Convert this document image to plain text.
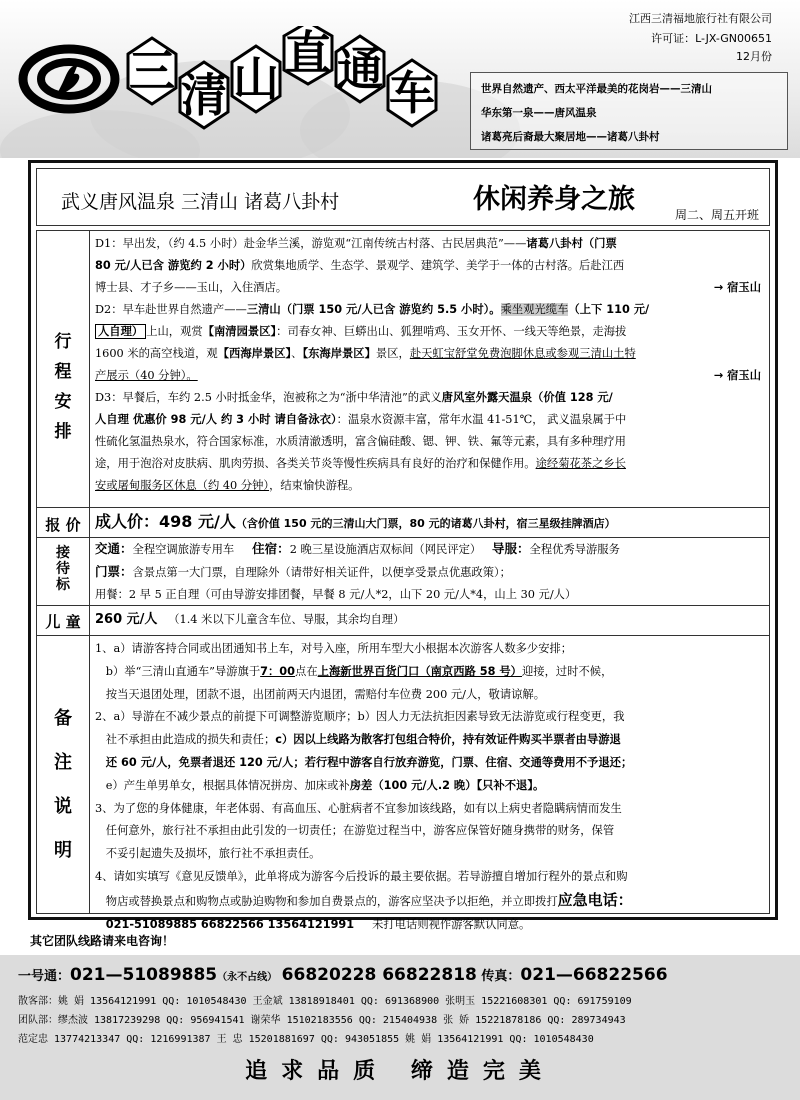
三 清 山 直 通 车
江西三清福地旅行社有限公司
许可证：L-JX-GN00651
12月份
世界自然遗产、西太平洋最美的花岗岩——三清山
华东第一泉——唐风温泉
诸葛亮后裔最大聚居地——诸葛八卦村
武义唐风温泉 三清山 诸葛八卦村	休闲养身之旅	周二、周五开班
行
程
安
排

D1：早出发，（约 4.5 小时）赴金华兰溪，游览观“江南传统古村落、古民居典范”——诸葛八卦村（门票

80 元/人已含 游览约 2 小时）欣赏集地质学、生态学、景观学、建筑学、美学于一体的古村落。后赴江西

博士县、才子乡——玉山，入住酒店。	→ 宿玉山

D2：早车赴世界自然遗产——三清山（门票 150 元/人已含 游览约 5.5 小时）。乘坐观光缆车（上下 110 元/

人自理） 上山，观赏【南清园景区】：司春女神、巨蟒出山、狐狸啃鸡、玉女开怀、一线天等绝景，走海拔

1600 米的高空栈道，观【西海岸景区】、【东海岸景区】景区，赴天虹宝舒堂免费泡脚休息或参观三清山土特

产展示（40 分钟）。	→ 宿玉山

D3：早餐后，车约 2.5 小时抵金华，泡被称之为“浙中华清池”的武义唐风室外露天温泉（价值 128 元/

人自理 优惠价 98 元/人 约 3 小时 请自备泳衣）：温泉水资源丰富，常年水温 41-51℃， 武义温泉属于中

性硫化氢温热泉水，符合国家标准，水质清澈透明，富含偏硅酸、锶、钾、铁、氟等元素，具有多种理疗用

途，用于泡浴对皮肤病、肌肉劳损、各类关节炎等慢性疾病具有良好的治疗和保健作用。途经菊花茶之乡长

安或屠甸服务区休息（约 40 分钟），结束愉快游程。

报 价 成人价：498 元/人（含价值 150 元的三清山大门票，80 元的诸葛八卦村，宿三星级挂牌酒店）

接
待
标

交通：全程空调旅游专用车 住宿：2 晚三星设施酒店双标间（网民评定） 导服：全程优秀导游服务

门票：含景点第一大门票，自理除外（请带好相关证件，以便享受景点优惠政策）；

用餐：2 早 5 正自理（可由导游安排团餐，早餐 8 元/人*2，山下 20 元/人*4，山上 30 元/人）

儿 童	260 元/人 （1.4 米以下儿童含车位、导服，其余均自理）

备
注
说
明

1、a）请游客持合同或出团通知书上车，对号入座，所用车型大小根据本次游客人数多少安排；

b）举“三清山直通车”导游旗于7：00点在上海新世界百货门口（南京西路 58 号）迎接，过时不候，

按当天退团处理，团款不退，出团前两天内退团，需赔付车位费 200 元/人，敬请谅解。

2、a）导游在不减少景点的前提下可调整游览顺序；b）因人力无法抗拒因素导致无法游览或行程变更，我

社不承担由此造成的损失和责任；c）因以上线路为散客打包组合特价，持有效证件购买半票者由导游退

还 60 元/人，免票者退还 120 元/人；若行程中游客自行放弃游览，门票、住宿、交通等费用不予退还；

e）产生单男单女，根据具体情况拼房、加床或补房差（100 元/人.2 晚）【只补不退】。

3、为了您的身体健康，年老体弱、有高血压、心脏病者不宜参加该线路，如有以上病史者隐瞒病情而发生

任何意外，旅行社不承担由此引发的一切责任；在游览过程当中，游客应保管好随身携带的财务，保管

不妥引起遗失及损坏，旅行社不承担责任。

4、请如实填写《意见反馈单》，此单将成为游客今后投诉的最主要依据。若导游擅自增加行程外的景点和购

物店或替换景点和购物点或胁迫购物和参加自费景点的，游客应坚决予以拒绝，并立即拨打应急电话：

021-51089885 66822566 13564121991 未打电话则视作游客默认同意。

其它团队线路请来电咨询！
一号通：021—51089885（永不占线） 66820228 66822818 传真：021—66822566
散客部：姚 娟 13564121991 QQ: 1010548430 王金斌 13818918401 QQ: 691368900 张明玉 15221608301 QQ: 691759109
团队部：缪杰波 13817239298 QQ: 956941541 谢荣华 15102183556 QQ: 215404938 张 娇 15221878186 QQ: 289734943
范定忠 13774213347 QQ: 1216991387 王 忠 15201881697 QQ: 943051855 姚 娟 13564121991 QQ: 1010548430
追求品质 缔造完美
